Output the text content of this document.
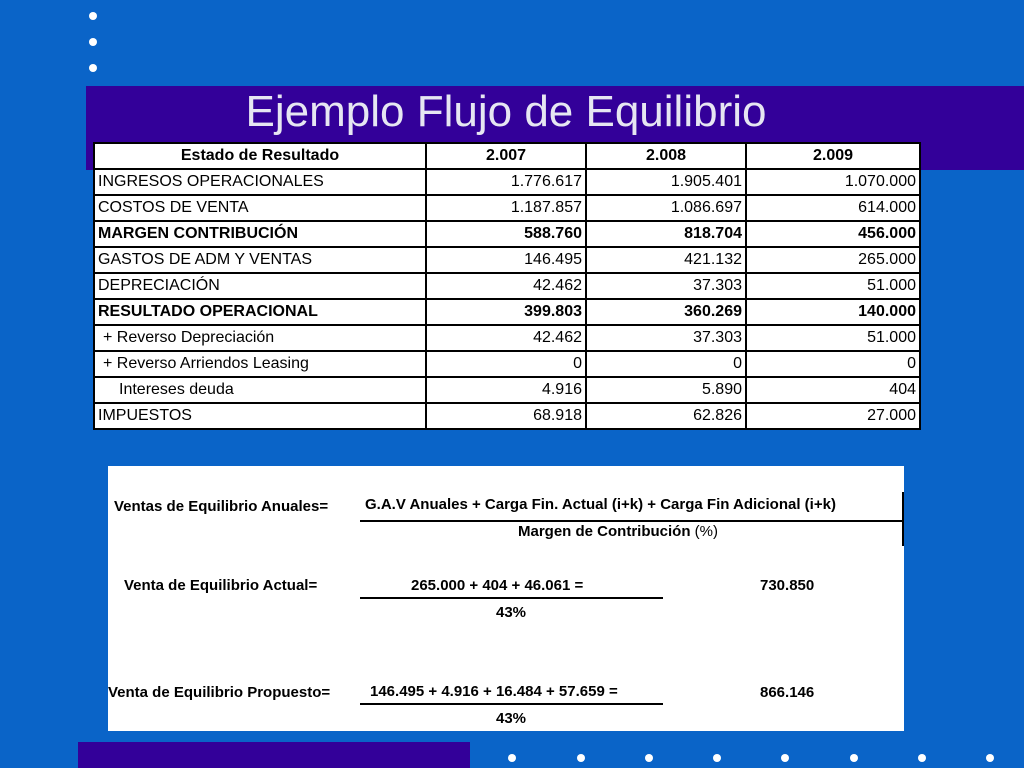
Ejemplo Flujo de Equilibrio
Estado de Resultado	2.007	2.008	2.009
INGRESOS OPERACIONALES	1.776.617	1.905.401	1.070.000
COSTOS DE VENTA	1.187.857	1.086.697	614.000
MARGEN CONTRIBUCIÓN	588.760	818.704	456.000
GASTOS DE ADM Y VENTAS	146.495	421.132	265.000
DEPRECIACIÓN	42.462	37.303	51.000
RESULTADO OPERACIONAL	399.803	360.269	140.000
+ Reverso Depreciación	42.462	37.303	51.000
+ Reverso Arriendos Leasing	0	0	0
Intereses deuda	4.916	5.890	404
IMPUESTOS	68.918	62.826	27.000
Ventas de Equilibrio Anuales= G.A.V Anuales + Carga Fin. Actual (i+k) + Carga Fin Adicional (i+k)
Margen de Contribución (%)
Venta de Equilibrio Actual=	265.000 + 404 + 46.061 =
43%
730.850
Venta de Equilibrio Propuesto=	146.495 + 4.916 + 16.484 + 57.659 =
43%
866.146
